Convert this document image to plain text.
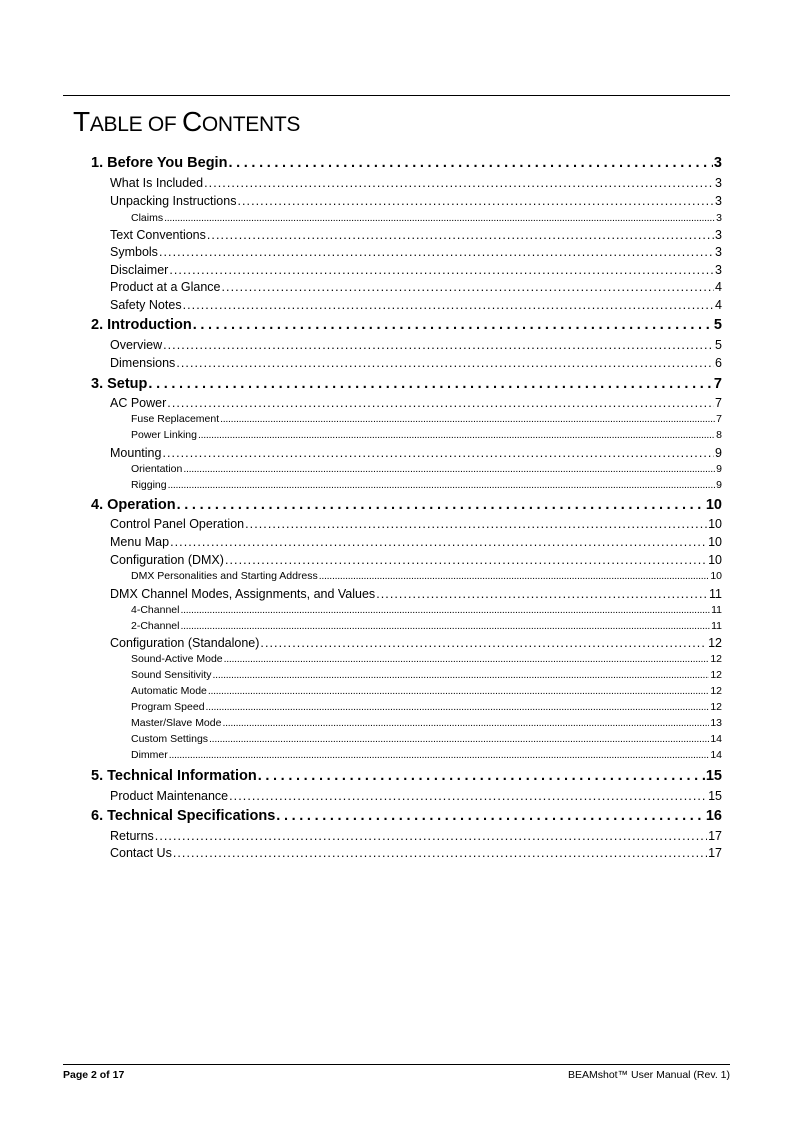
TABLE OF CONTENTS
1. Before You Begin . . .	3
What Is Included . . .	3
Unpacking Instructions . . .	3
Claims . . .	3
Text Conventions . . .	3
Symbols . . .	3
Disclaimer . . .	3
Product at a Glance . . .	4
Safety Notes . . .	4
2. Introduction . . .	5
Overview . . .	5
Dimensions . . .	6
3. Setup . . .	7
AC Power . . .	7
Fuse Replacement . . .	7
Power Linking . . .	8
Mounting . . .	9
Orientation . . .	9
Rigging . . .	9
4. Operation . . .	10
Control Panel Operation . . .	10
Menu Map . . .	10
Configuration (DMX) . . .	10
DMX Personalities and Starting Address . . .	10
DMX Channel Modes, Assignments, and Values . . .	11
4-Channel . . .	11
2-Channel . . .	11
Configuration (Standalone) . . .	12
Sound-Active Mode . . .	12
Sound Sensitivity . . .	12
Automatic Mode . . .	12
Program Speed . . .	12
Master/Slave Mode . . .	13
Custom Settings . . .	14
Dimmer . . .	14
5. Technical Information . . .	15
Product Maintenance . . .	15
6. Technical Specifications . . .	16
Returns . . .	17
Contact Us . . .	17
Page 2 of 17	BEAMshot™ User Manual (Rev. 1)
